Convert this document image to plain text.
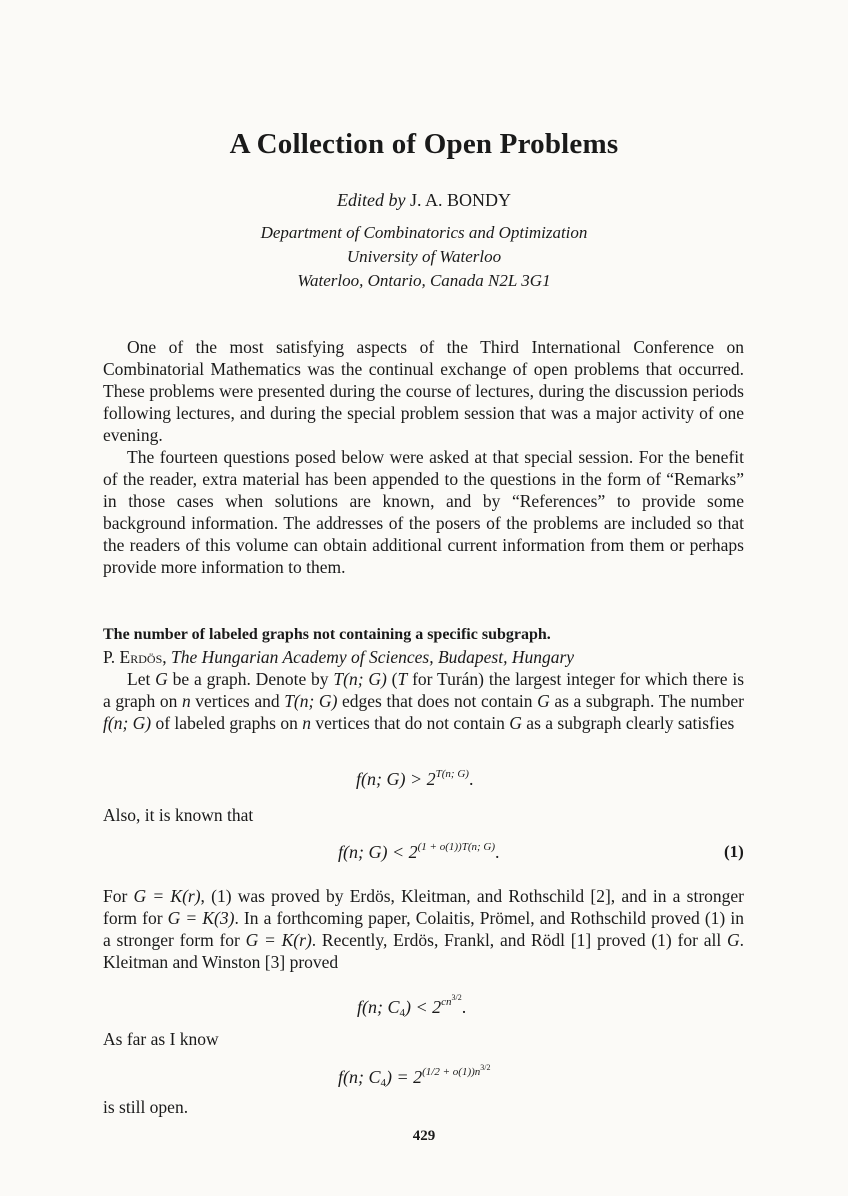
A Collection of Open Problems
Edited by J. A. BONDY
Department of Combinatorics and Optimization
University of Waterloo
Waterloo, Ontario, Canada N2L 3G1

One of the most satisfying aspects of the Third International Conference on Combinatorial Mathematics was the continual exchange of open problems that occurred. These problems were presented during the course of lectures, during the discussion periods following lectures, and during the special problem session that was a major activity of one evening.

The fourteen questions posed below were asked at that special session. For the benefit of the reader, extra material has been appended to the questions in the form of “Remarks” in those cases when solutions are known, and by “References” to provide some background information. The addresses of the posers of the problems are included so that the readers of this volume can obtain additional current information from them or perhaps provide more information to them.

The number of labeled graphs not containing a specific subgraph.
P. Erdös, The Hungarian Academy of Sciences, Budapest, Hungary

Let G be a graph. Denote by T(n; G) (T for Turán) the largest integer for which there is a graph on n vertices and T(n; G) edges that does not contain G as a subgraph. The number f(n; G) of labeled graphs on n vertices that do not contain G as a subgraph clearly satisfies

f(n; $G) > 2^{T(n; G)}$.
Also, it is known that
f(n; $G) < 2^{(1 + o(1))T(n; G)}$.	(1)

For G = K(r), (1) was proved by Erdös, Kleitman, and Rothschild [2], and in a stronger form for G = K(3). In a forthcoming paper, Colaitis, Prömel, and Rothschild proved (1) in a stronger form for G = K(r). Recently, Erdös, Frankl, and Rödl [1] proved (1) for all G. Kleitman and Winston [3] proved

f(n; $C_4) < 2^{cn^{3/2}}$.
As far as I know
f(n; $C_4) = 2^{(1/2 + o(1))n^{3/2}}$
is still open.
429
